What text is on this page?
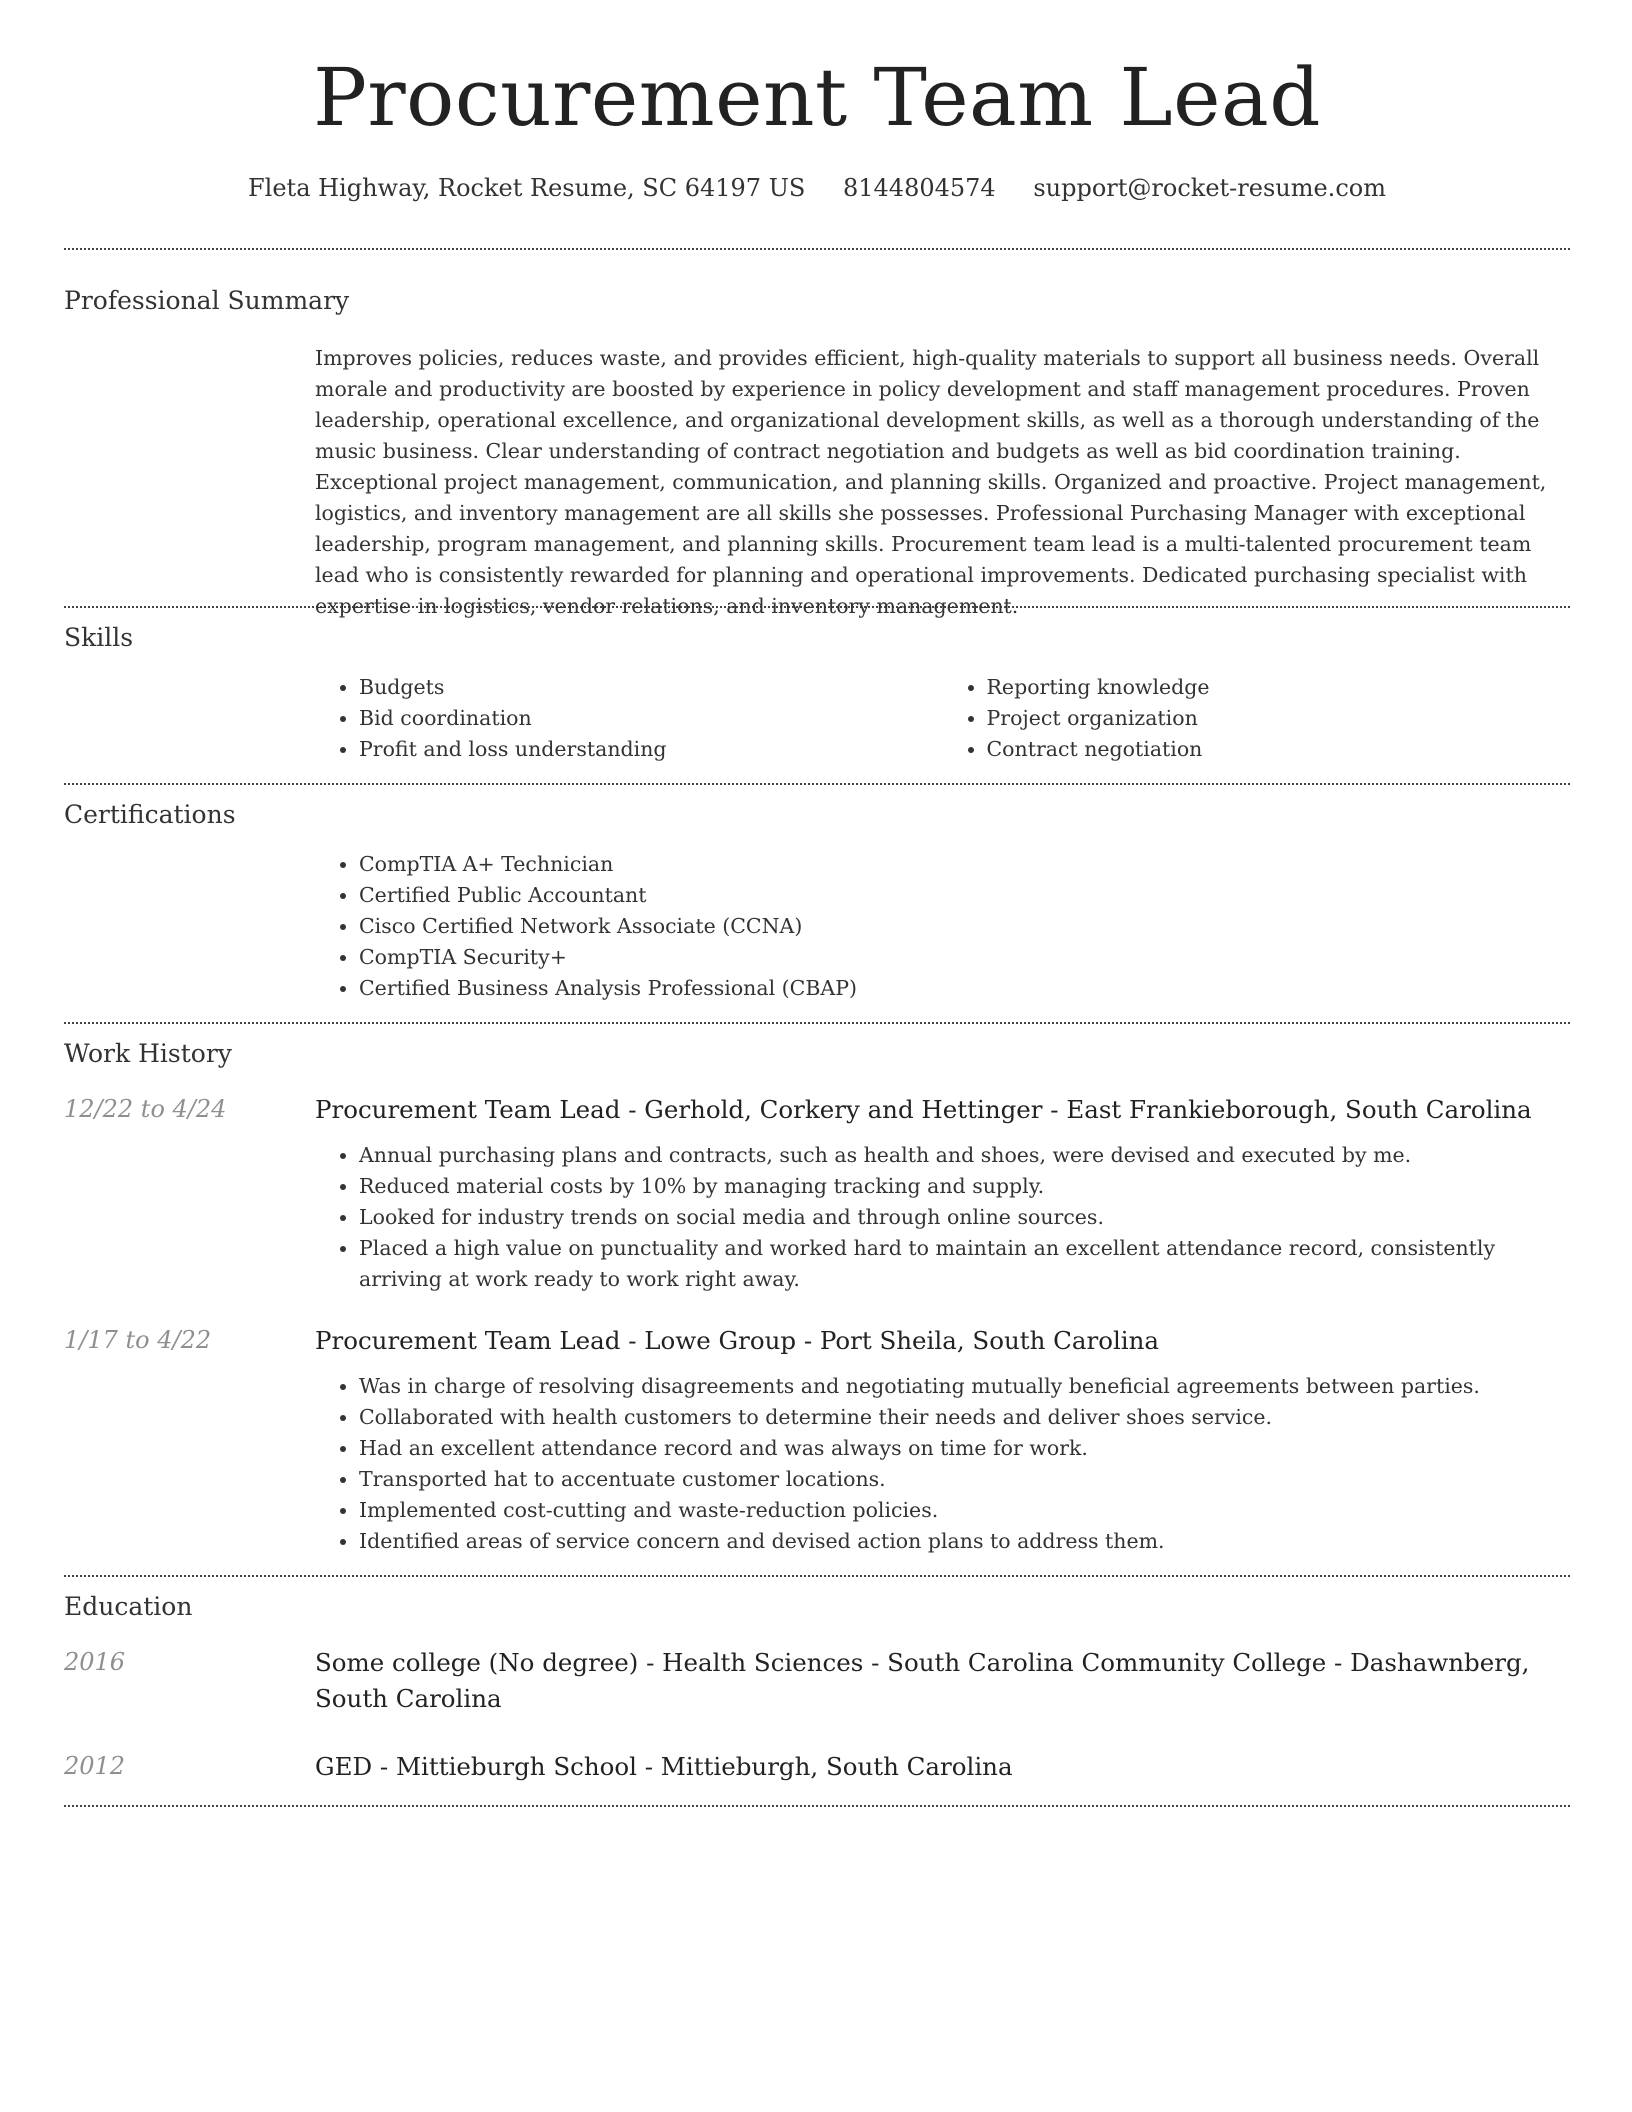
Procurement Team Lead
Fleta Highway, Rocket Resume, SC 64197 US 8144804574 support@rocket-resume.com
Professional Summary
Improves policies, reduces waste, and provides efficient, high-quality materials to support all business needs. Overall morale and productivity are boosted by experience in policy development and staff management procedures. Proven leadership, operational excellence, and organizational development skills, as well as a thorough understanding of the music business. Clear understanding of contract negotiation and budgets as well as bid coordination training. Exceptional project management, communication, and planning skills. Organized and proactive. Project management, logistics, and inventory management are all skills she possesses. Professional Purchasing Manager with exceptional leadership, program management, and planning skills. Procurement team lead is a multi-talented procurement team lead who is consistently rewarded for planning and operational improvements. Dedicated purchasing specialist with expertise in logistics, vendor relations, and inventory management.
Skills
• Budgets
• Bid coordination
• Profit and loss understanding
• Reporting knowledge
• Project organization
• Contract negotiation
Certifications
• CompTIA A+ Technician
• Certified Public Accountant
• Cisco Certified Network Associate (CCNA)
• CompTIA Security+
• Certified Business Analysis Professional (CBAP)
Work History
12/22 to 4/24	Procurement Team Lead - Gerhold, Corkery and Hettinger - East Frankieborough, South Carolina
• Annual purchasing plans and contracts, such as health and shoes, were devised and executed by me.
• Reduced material costs by 10% by managing tracking and supply.
• Looked for industry trends on social media and through online sources.
• Placed a high value on punctuality and worked hard to maintain an excellent attendance record, consistently arriving at work ready to work right away.
1/17 to 4/22	Procurement Team Lead - Lowe Group - Port Sheila, South Carolina
• Was in charge of resolving disagreements and negotiating mutually beneficial agreements between parties.
• Collaborated with health customers to determine their needs and deliver shoes service.
• Had an excellent attendance record and was always on time for work.
• Transported hat to accentuate customer locations.
• Implemented cost-cutting and waste-reduction policies.
• Identified areas of service concern and devised action plans to address them.
Education
2016	Some college (No degree) - Health Sciences - South Carolina Community College - Dashawnberg, South Carolina
2012	GED - Mittieburgh School - Mittieburgh, South Carolina
